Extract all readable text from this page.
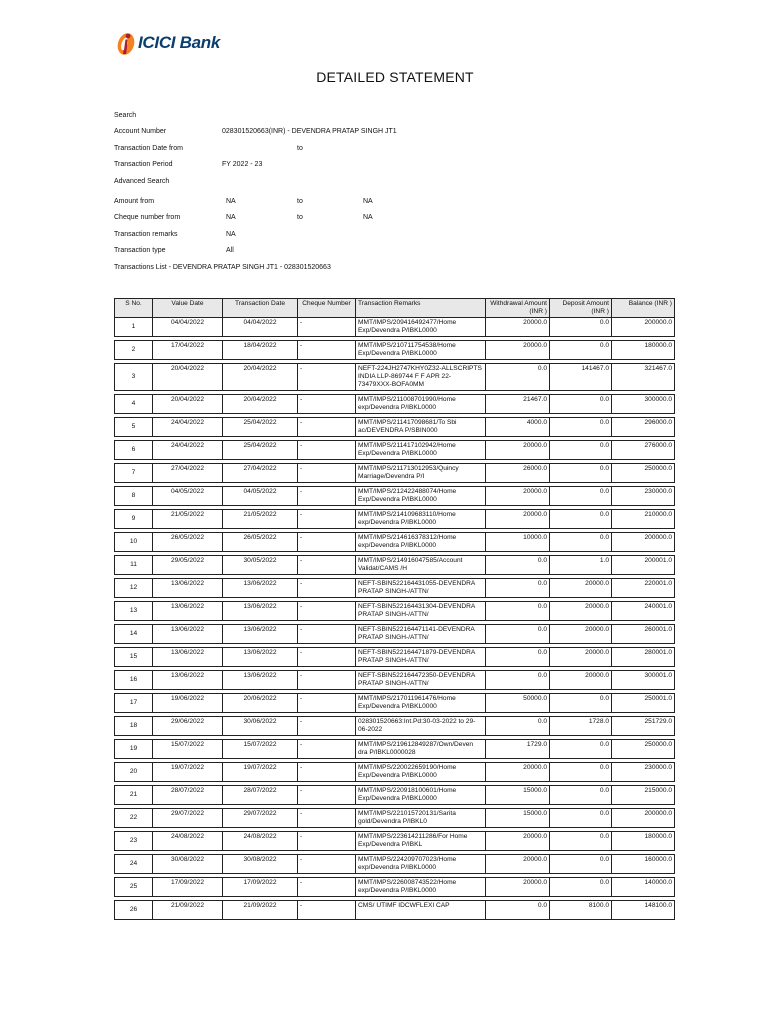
ICICI Bank
DETAILED STATEMENT
Search
Account Number	028301520663(INR) - DEVENDRA PRATAP SINGH JT1
Transaction Date from	to
Transaction Period	FY 2022 - 23
Advanced Search
Amount from	NA	to	NA
Cheque number from	NA	to	NA
Transaction remarks	NA
Transaction type	All
Transactions List - DEVENDRA PRATAP SINGH JT1 - 028301520663
S No.	Value Date	Transaction Date	Cheque Number	Transaction Remarks	Withdrawal Amount (INR )	Deposit Amount (INR )	Balance (INR )
1	04/04/2022	04/04/2022	-	MMT/IMPS/209416492477/Home Exp/Devendra P/IBKL0000	20000.0	0.0	200000.0

2	17/04/2022	18/04/2022	-	MMT/IMPS/210711754538/Home Exp/Devendra P/IBKL0000	20000.0	0.0	180000.0

3	20/04/2022	20/04/2022	-	NEFT-224JH2747KHY0Z32-ALLSCRIPTS INDIA LLP-869744 F F APR 22-73479XXX-BOFA0MM	0.0	141467.0	321467.0

4	20/04/2022	20/04/2022	-	MMT/IMPS/211008701990/Home exp/Devendra P/IBKL0000	21467.0	0.0	300000.0

5	24/04/2022	25/04/2022	-	MMT/IMPS/211417098681/To Sbi ac/DEVENDRA P/SBIN000	4000.0	0.0	296000.0

6	24/04/2022	25/04/2022	-	MMT/IMPS/211417102942/Home Exp/Devendra P/IBKL0000	20000.0	0.0	276000.0

7	27/04/2022	27/04/2022	-	MMT/IMPS/211713012953/Quincy Marriage/Devendra P/I	26000.0	0.0	250000.0

8	04/05/2022	04/05/2022	-	MMT/IMPS/212422488074/Home Exp/Devendra P/IBKL0000	20000.0	0.0	230000.0

9	21/05/2022	21/05/2022	-	MMT/IMPS/214109683110/Home exp/Devendra P/IBKL0000	20000.0	0.0	210000.0

10	26/05/2022	26/05/2022	-	MMT/IMPS/214616378312/Home exp/Devendra P/IBKL0000	10000.0	0.0	200000.0

11	29/05/2022	30/05/2022	-	MMT/IMPS/214916047585/Account Validat/CAMS /H	0.0	1.0	200001.0

12	13/06/2022	13/06/2022	-	NEFT-SBIN522164431055-DEVENDRA PRATAP SINGH-/ATTN/	0.0	20000.0	220001.0

13	13/06/2022	13/06/2022	-	NEFT-SBIN522164431304-DEVENDRA PRATAP SINGH-/ATTN/	0.0	20000.0	240001.0

14	13/06/2022	13/06/2022	-	NEFT-SBIN522164471141-DEVENDRA PRATAP SINGH-/ATTN/	0.0	20000.0	260001.0

15	13/06/2022	13/06/2022	-	NEFT-SBIN522164471879-DEVENDRA PRATAP SINGH-/ATTN/	0.0	20000.0	280001.0

16	13/06/2022	13/06/2022	-	NEFT-SBIN522164472350-DEVENDRA PRATAP SINGH-/ATTN/	0.0	20000.0	300001.0

17	19/06/2022	20/06/2022	-	MMT/IMPS/217011961476/Home Exp/Devendra P/IBKL0000	50000.0	0.0	250001.0

18	29/06/2022	30/06/2022	-	028301520663:Int.Pd:30-03-2022 to 29-06-2022	0.0	1728.0	251729.0

19	15/07/2022	15/07/2022	-	MMT/IMPS/219612849287/Own/Deven dra P/IBKL0000028	1729.0	0.0	250000.0

20	19/07/2022	19/07/2022	-	MMT/IMPS/220022659190/Home Exp/Devendra P/IBKL0000	20000.0	0.0	230000.0

21	28/07/2022	28/07/2022	-	MMT/IMPS/220918100601/Home Exp/Devendra P/IBKL0000	15000.0	0.0	215000.0

22	29/07/2022	29/07/2022	-	MMT/IMPS/221015720131/Sarita gold/Devendra P/IBKL0	15000.0	0.0	200000.0

23	24/08/2022	24/08/2022	-	MMT/IMPS/223614211286/For Home Exp/Devendra P/IBKL	20000.0	0.0	180000.0

24	30/08/2022	30/08/2022	-	MMT/IMPS/224209707023/Home exp/Devendra P/IBKL0000	20000.0	0.0	160000.0

25	17/09/2022	17/09/2022	-	MMT/IMPS/226008743522/Home exp/Devendra P/IBKL0000	20000.0	0.0	140000.0

26	21/09/2022	21/09/2022	-	CMS/ UTIMF IDCWFLEXI CAP	0.0	8100.0	148100.0
